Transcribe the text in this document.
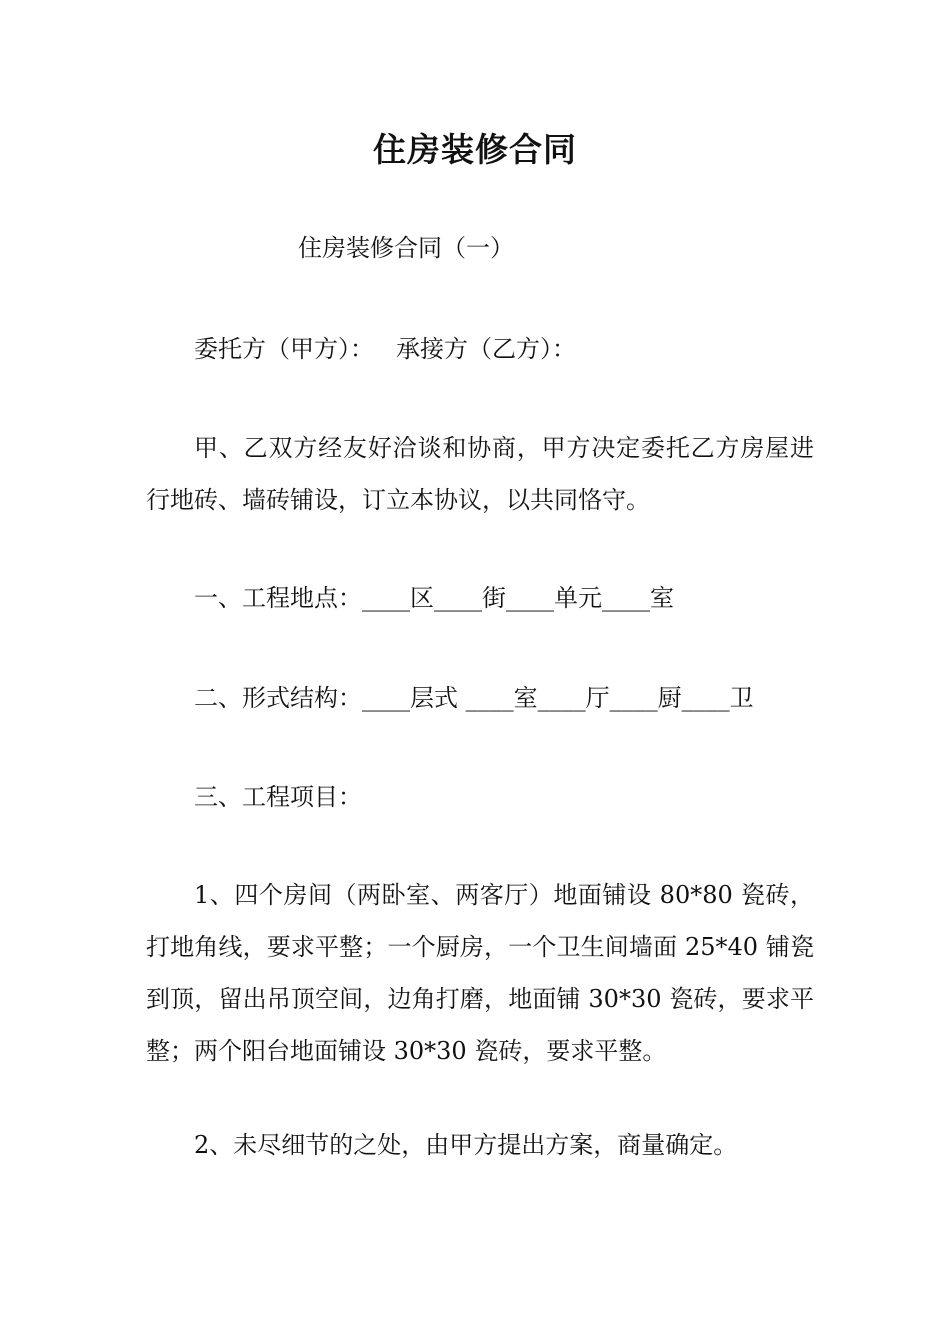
住房装修合同
住房装修合同（一）
委托方（甲方）： 承接方（乙方）：
甲、乙双方经友好洽谈和协商，甲方决定委托乙方房屋进行地砖、墙砖铺设，订立本协议，以共同恪守。
一、工程地点：____区____街____单元____室
二、形式结构：____层式 ____室____厅____厨____卫
三、工程项目：
1、四个房间（两卧室、两客厅）地面铺设 80*80 瓷砖，打地角线，要求平整；一个厨房，一个卫生间墙面 25*40 铺瓷到顶，留出吊顶空间，边角打磨，地面铺 30*30 瓷砖，要求平整；两个阳台地面铺设 30*30 瓷砖，要求平整。
2、未尽细节的之处，由甲方提出方案，商量确定。
